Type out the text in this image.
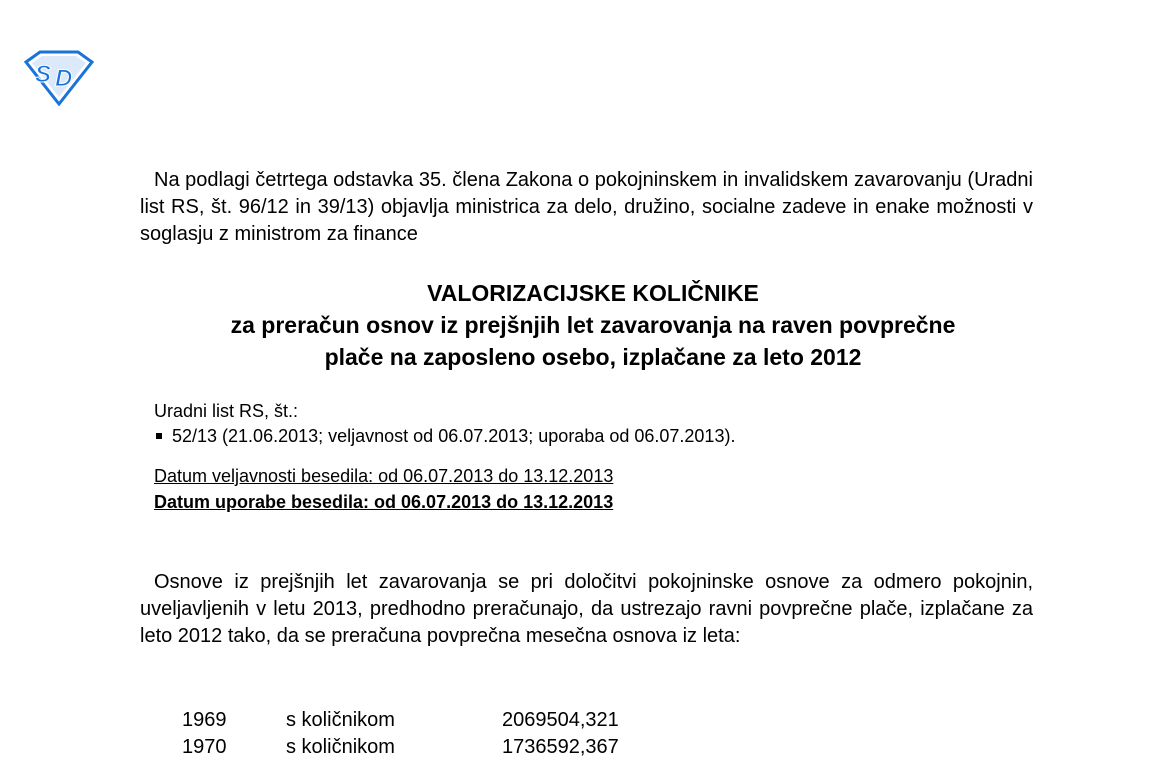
S D

Na podlagi četrtega odstavka 35. člena Zakona o pokojninskem in invalidskem zavarovanju (Uradni list RS, št. 96/12 in 39/13) objavlja ministrica za delo, družino, socialne zadeve in enake možnosti v soglasju z ministrom za finance

VALORIZACIJSKE KOLIČNIKE
za preračun osnov iz prejšnjih let zavarovanja na raven povprečne
plače na zaposleno osebo, izplačane za leto 2012
Uradni list RS, št.:
52/13 (21.06.2013; veljavnost od 06.07.2013; uporaba od 06.07.2013).
Datum veljavnosti besedila: od 06.07.2013 do 13.12.2013
Datum uporabe besedila: od 06.07.2013 do 13.12.2013

Osnove iz prejšnjih let zavarovanja se pri določitvi pokojninske osnove za odmero pokojnin, uveljavljenih v letu 2013, predhodno preračunajo, da ustrezajo ravni povprečne plače, izplačane za leto 2012 tako, da se preračuna povprečna mesečna osnova iz leta:

1969	s količnikom	2069504,321
1970	s količnikom	1736592,367
